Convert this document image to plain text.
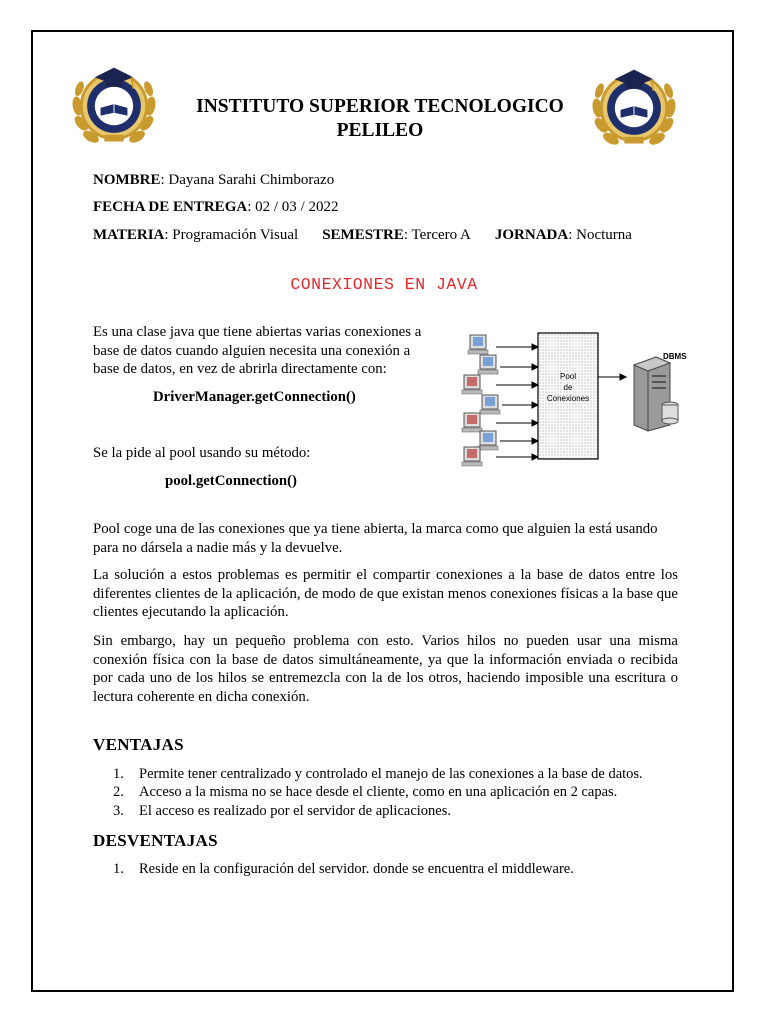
INSTITUTO SUPERIOR TECNOLOGICO
PELILEO
NOMBRE: Dayana Sarahi Chimborazo
FECHA DE ENTREGA: 02 / 03 / 2022
MATERIA: Programación Visual SEMESTRE: Tercero A JORNADA: Nocturna
CONEXIONES EN JAVA
Es una clase java que tiene abiertas varias conexiones a base de datos cuando alguien necesita una conexión a base de datos, en vez de abrirla directamente con:
DriverManager.getConnection()
Se la pide al pool usando su método:
pool.getConnection()
Pool
de
Conexiones
DBMS
Pool coge una de las conexiones que ya tiene abierta, la marca como que alguien la está usando para no dársela a nadie más y la devuelve.
La solución a estos problemas es permitir el compartir conexiones a la base de datos entre los diferentes clientes de la aplicación, de modo de que existan menos conexiones físicas a la base que clientes ejecutando la aplicación.
Sin embargo, hay un pequeño problema con esto. Varios hilos no pueden usar una misma conexión física con la base de datos simultáneamente, ya que la información enviada o recibida por cada uno de los hilos se entremezcla con la de los otros, haciendo imposible una escritura o lectura coherente en dicha conexión.
VENTAJAS
1. Permite tener centralizado y controlado el manejo de las conexiones a la base de datos.
2. Acceso a la misma no se hace desde el cliente, como en una aplicación en 2 capas.
3. El acceso es realizado por el servidor de aplicaciones.
DESVENTAJAS
1. Reside en la configuración del servidor. donde se encuentra el middleware.
